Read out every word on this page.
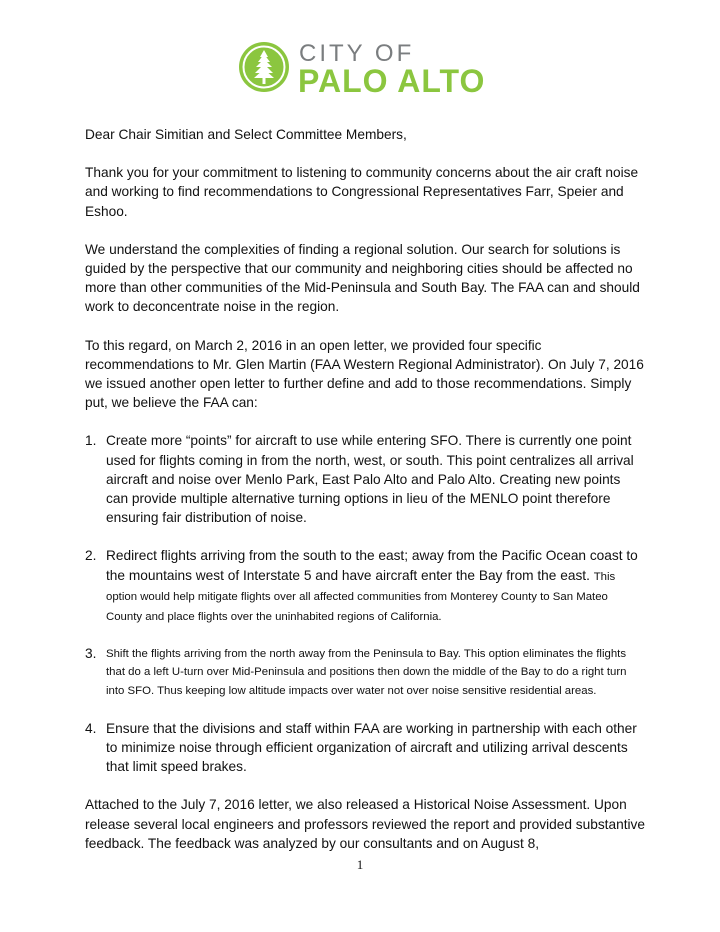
CITY OF
PALO ALTO

Dear Chair Simitian and Select Committee Members,

Thank you for your commitment to listening to community concerns about the air craft noise and working to find recommendations to Congressional Representatives Farr, Speier and Eshoo.

We understand the complexities of finding a regional solution. Our search for solutions is guided by the perspective that our community and neighboring cities should be affected no more than other communities of the Mid-Peninsula and South Bay. The FAA can and should work to deconcentrate noise in the region.

To this regard, on March 2, 2016 in an open letter, we provided four specific recommendations to Mr. Glen Martin (FAA Western Regional Administrator). On July 7, 2016 we issued another open letter to further define and add to those recommendations. Simply put, we believe the FAA can:

1. Create more “points” for aircraft to use while entering SFO. There is currently one point used for flights coming in from the north, west, or south. This point centralizes all arrival aircraft and noise over Menlo Park, East Palo Alto and Palo Alto. Creating new points can provide multiple alternative turning options in lieu of the MENLO point therefore ensuring fair distribution of noise.
2. Redirect flights arriving from the south to the east; away from the Pacific Ocean coast to the mountains west of Interstate 5 and have aircraft enter the Bay from the east. This option would help mitigate flights over all affected communities from Monterey County to San Mateo County and place flights over the uninhabited regions of California.
3. Shift the flights arriving from the north away from the Peninsula to Bay. This option eliminates the flights that do a left U-turn over Mid-Peninsula and positions then down the middle of the Bay to do a right turn into SFO. Thus keeping low altitude impacts over water not over noise sensitive residential areas.
4. Ensure that the divisions and staff within FAA are working in partnership with each other to minimize noise through efficient organization of aircraft and utilizing arrival descents that limit speed brakes.

Attached to the July 7, 2016 letter, we also released a Historical Noise Assessment. Upon release several local engineers and professors reviewed the report and provided substantive feedback. The feedback was analyzed by our consultants and on August 8,

1
